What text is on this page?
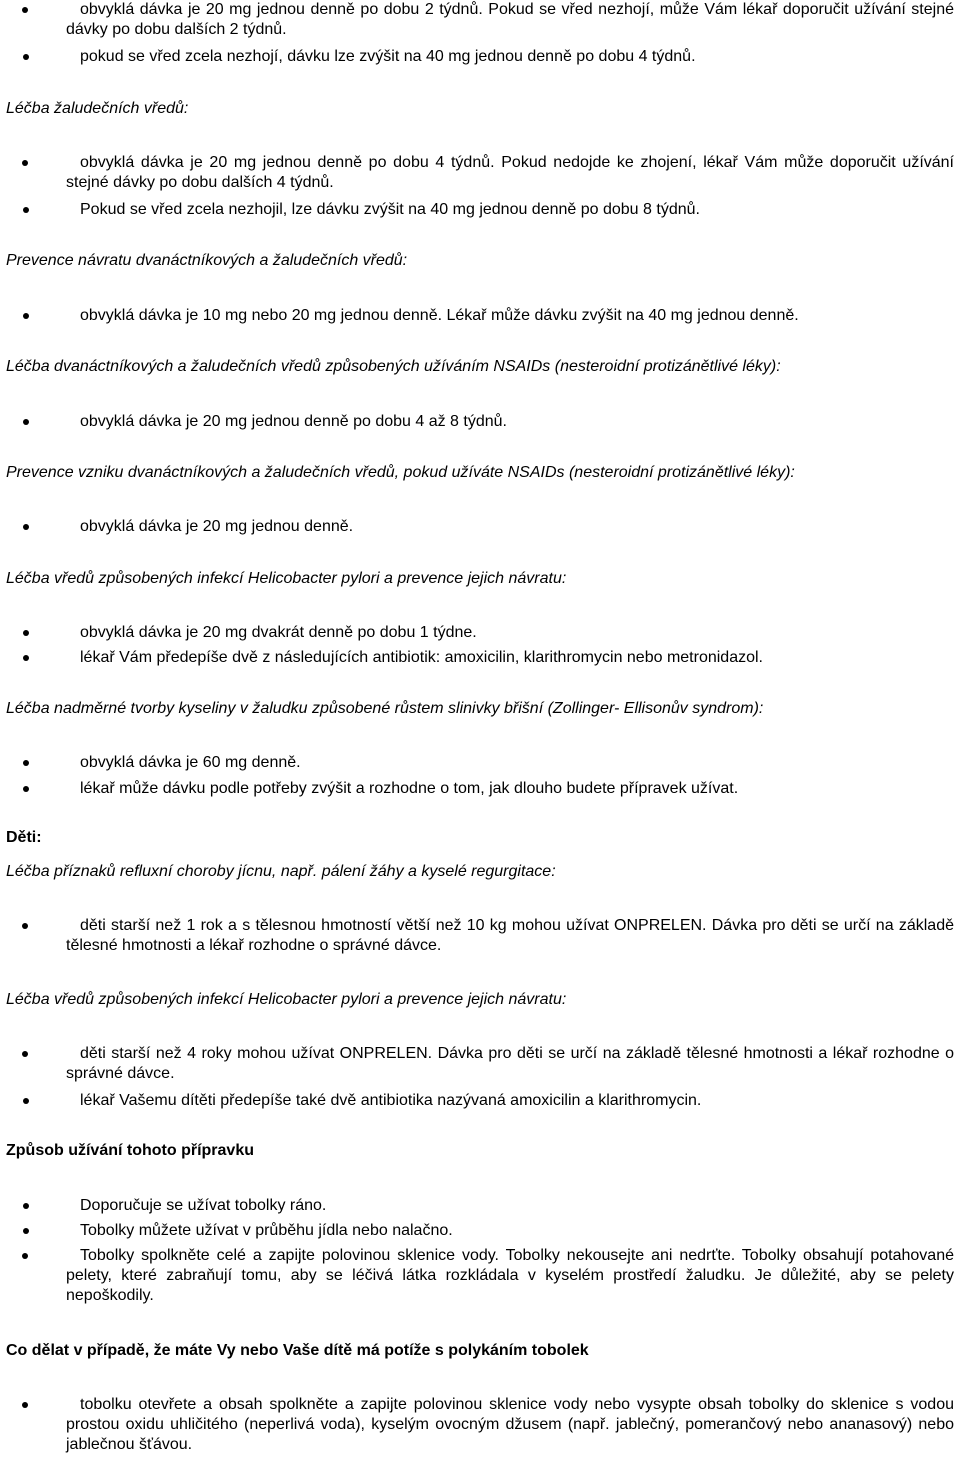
obvyklá dávka je 20 mg jednou denně po dobu 2 týdnů. Pokud se vřed nezhojí, může Vám lékař doporučit užívání stejné dávky po dobu dalších 2 týdnů.
pokud se vřed zcela nezhojí, dávku lze zvýšit na 40 mg jednou denně po dobu 4 týdnů.
Léčba žaludečních vředů:
obvyklá dávka je 20 mg jednou denně po dobu 4 týdnů. Pokud nedojde ke zhojení, lékař Vám může doporučit užívání stejné dávky po dobu dalších 4 týdnů.
Pokud se vřed zcela nezhojil, lze dávku zvýšit na 40 mg jednou denně po dobu 8 týdnů.
Prevence návratu dvanáctníkových a žaludečních vředů:
obvyklá dávka je 10 mg nebo 20 mg jednou denně. Lékař může dávku zvýšit na 40 mg jednou denně.
Léčba dvanáctníkových a žaludečních vředů způsobených užíváním NSAIDs (nesteroidní protizánětlivé léky):
obvyklá dávka je 20 mg jednou denně po dobu 4 až 8 týdnů.
Prevence vzniku dvanáctníkových a žaludečních vředů, pokud užíváte NSAIDs (nesteroidní protizánětlivé léky):
obvyklá dávka je 20 mg jednou denně.
Léčba vředů způsobených infekcí Helicobacter pylori a prevence jejich návratu:
obvyklá dávka je 20 mg dvakrát denně po dobu 1 týdne.
lékař Vám předepíše dvě z následujících antibiotik: amoxicilin, klarithromycin nebo metronidazol.
Léčba nadměrné tvorby kyseliny v žaludku způsobené růstem slinivky břišní (Zollinger- Ellisonův syndrom):
obvyklá dávka je 60 mg denně.
lékař může dávku podle potřeby zvýšit a rozhodne o tom, jak dlouho budete přípravek užívat.
Děti:
Léčba příznaků refluxní choroby jícnu, např. pálení žáhy a kyselé regurgitace:
děti starší než 1 rok a s tělesnou hmotností větší než 10 kg mohou užívat ONPRELEN. Dávka pro děti se určí na základě tělesné hmotnosti a lékař rozhodne o správné dávce.
Léčba vředů způsobených infekcí Helicobacter pylori a prevence jejich návratu:
děti starší než 4 roky mohou užívat ONPRELEN. Dávka pro děti se určí na základě tělesné hmotnosti a lékař rozhodne o správné dávce.
lékař Vašemu dítěti předepíše také dvě antibiotika nazývaná amoxicilin a klarithromycin.
Způsob užívání tohoto přípravku
Doporučuje se užívat tobolky ráno.
Tobolky můžete užívat v průběhu jídla nebo nalačno.
Tobolky spolkněte celé a zapijte polovinou sklenice vody. Tobolky nekousejte ani nedrťte. Tobolky obsahují potahované pelety, které zabraňují tomu, aby se léčivá látka rozkládala v kyselém prostředí žaludku. Je důležité, aby se pelety nepoškodily.
Co dělat v případě, že máte Vy nebo Vaše dítě má potíže s polykáním tobolek
tobolku otevřete a obsah spolkněte a zapijte polovinou sklenice vody nebo vysypte obsah tobolky do sklenice s vodou prostou oxidu uhličitého (neperlivá voda), kyselým ovocným džusem (např. jablečný, pomerančový nebo ananasový) nebo jablečnou šťávou.
